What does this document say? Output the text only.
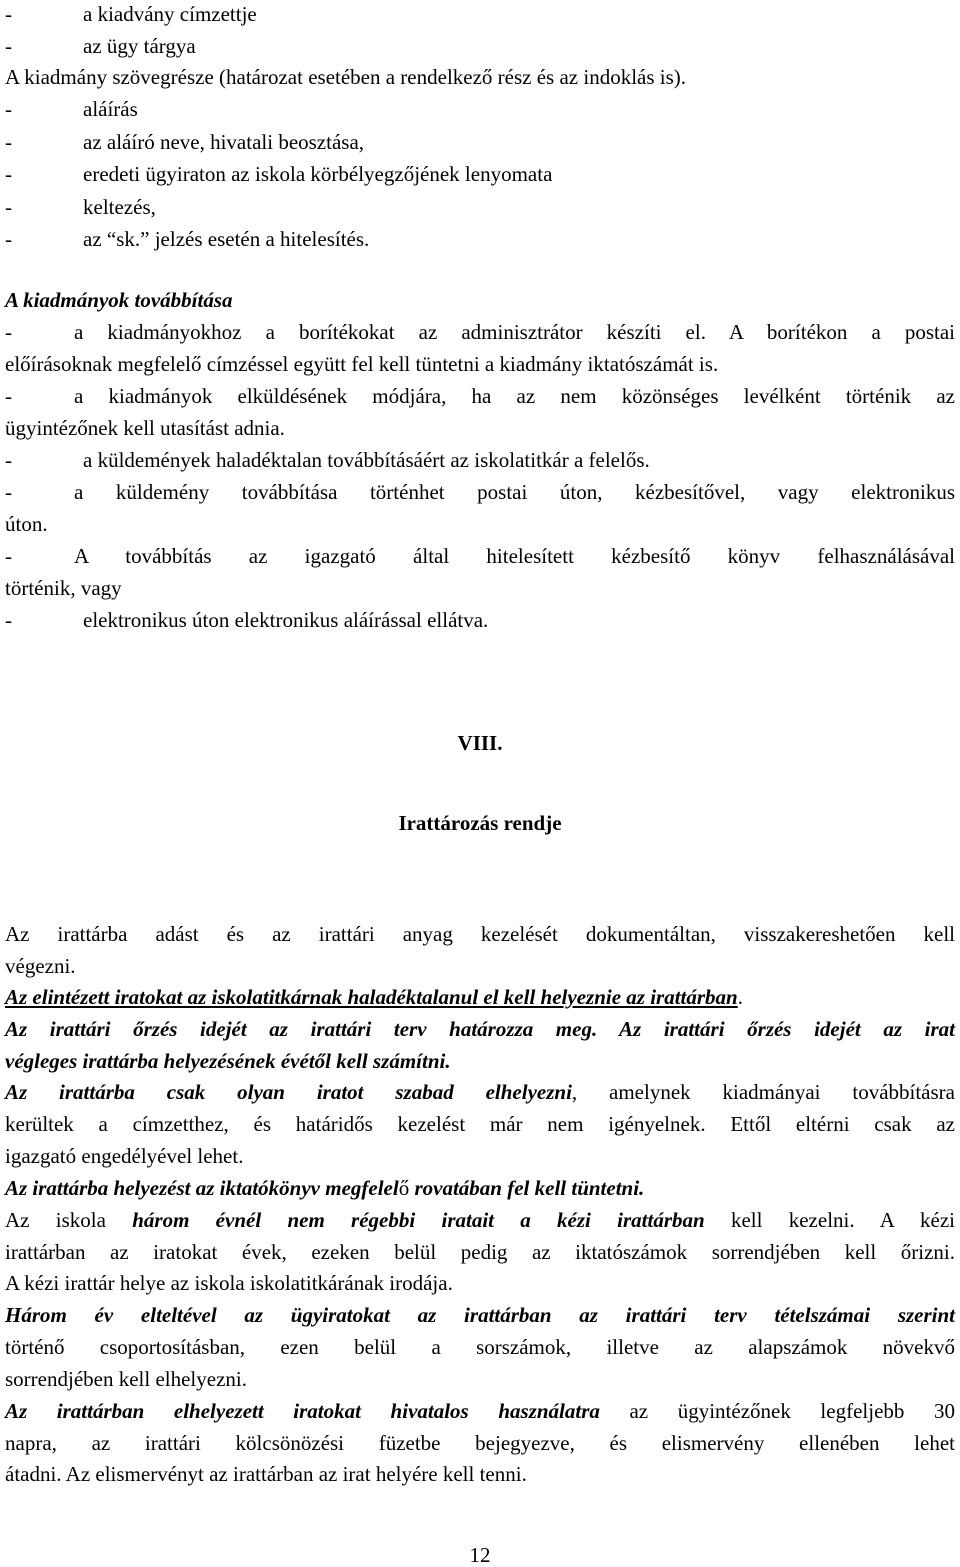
-	a kiadvány címzettje
-	az ügy tárgya
A kiadmány szövegrésze (határozat esetében a rendelkező rész és az indoklás is).
-	aláírás
-	az aláíró neve, hivatali beosztása,
-	eredeti ügyiraton az iskola körbélyegzőjének lenyomata
-	keltezés,
-	az “sk.” jelzés esetén a hitelesítés.
A kiadmányok továbbítása
-	a kiadmányokhoz a borítékokat az adminisztrátor készíti el. A borítékon a postai
előírásoknak megfelelő címzéssel együtt fel kell tüntetni a kiadmány iktatószámát is.
-	a kiadmányok elküldésének módjára, ha az nem közönséges levélként történik az
ügyintézőnek kell utasítást adnia.
-	a küldemények haladéktalan továbbításáért az iskolatitkár a felelős.
-	a küldemény továbbítása történhet postai úton, kézbesítővel, vagy elektronikus
úton.
-	A továbbítás az igazgató által hitelesített kézbesítő könyv felhasználásával
történik, vagy
-	elektronikus úton elektronikus aláírással ellátva.
VIII.
Irattározás rendje
Az irattárba adást és az irattári anyag kezelését dokumentáltan, visszakereshetően kell
végezni.
Az elintézett iratokat az iskolatitkárnak haladéktalanul el kell helyeznie az irattárban.
Az irattári őrzés idejét az irattári terv határozza meg. Az irattári őrzés idejét az irat
végleges irattárba helyezésének évétől kell számítni.
Az irattárba csak olyan iratot szabad elhelyezni, amelynek kiadmányai továbbításra
kerültek a címzetthez, és határidős kezelést már nem igényelnek. Ettől eltérni csak az
igazgató engedélyével lehet.
Az irattárba helyezést az iktatókönyv megfelelő rovatában fel kell tüntetni.
Az iskola három évnél nem régebbi iratait a kézi irattárban kell kezelni. A kézi
irattárban az iratokat évek, ezeken belül pedig az iktatószámok sorrendjében kell őrizni.
A kézi irattár helye az iskola iskolatitkárának irodája.
Három év elteltével az ügyiratokat az irattárban az irattári terv tételszámai szerint
történő csoportosításban, ezen belül a sorszámok, illetve az alapszámok növekvő
sorrendjében kell elhelyezni.
Az irattárban elhelyezett iratokat hivatalos használatra az ügyintézőnek legfeljebb 30
napra, az irattári kölcsönözési füzetbe bejegyezve, és elismervény ellenében lehet
átadni. Az elismervényt az irattárban az irat helyére kell tenni.
12
